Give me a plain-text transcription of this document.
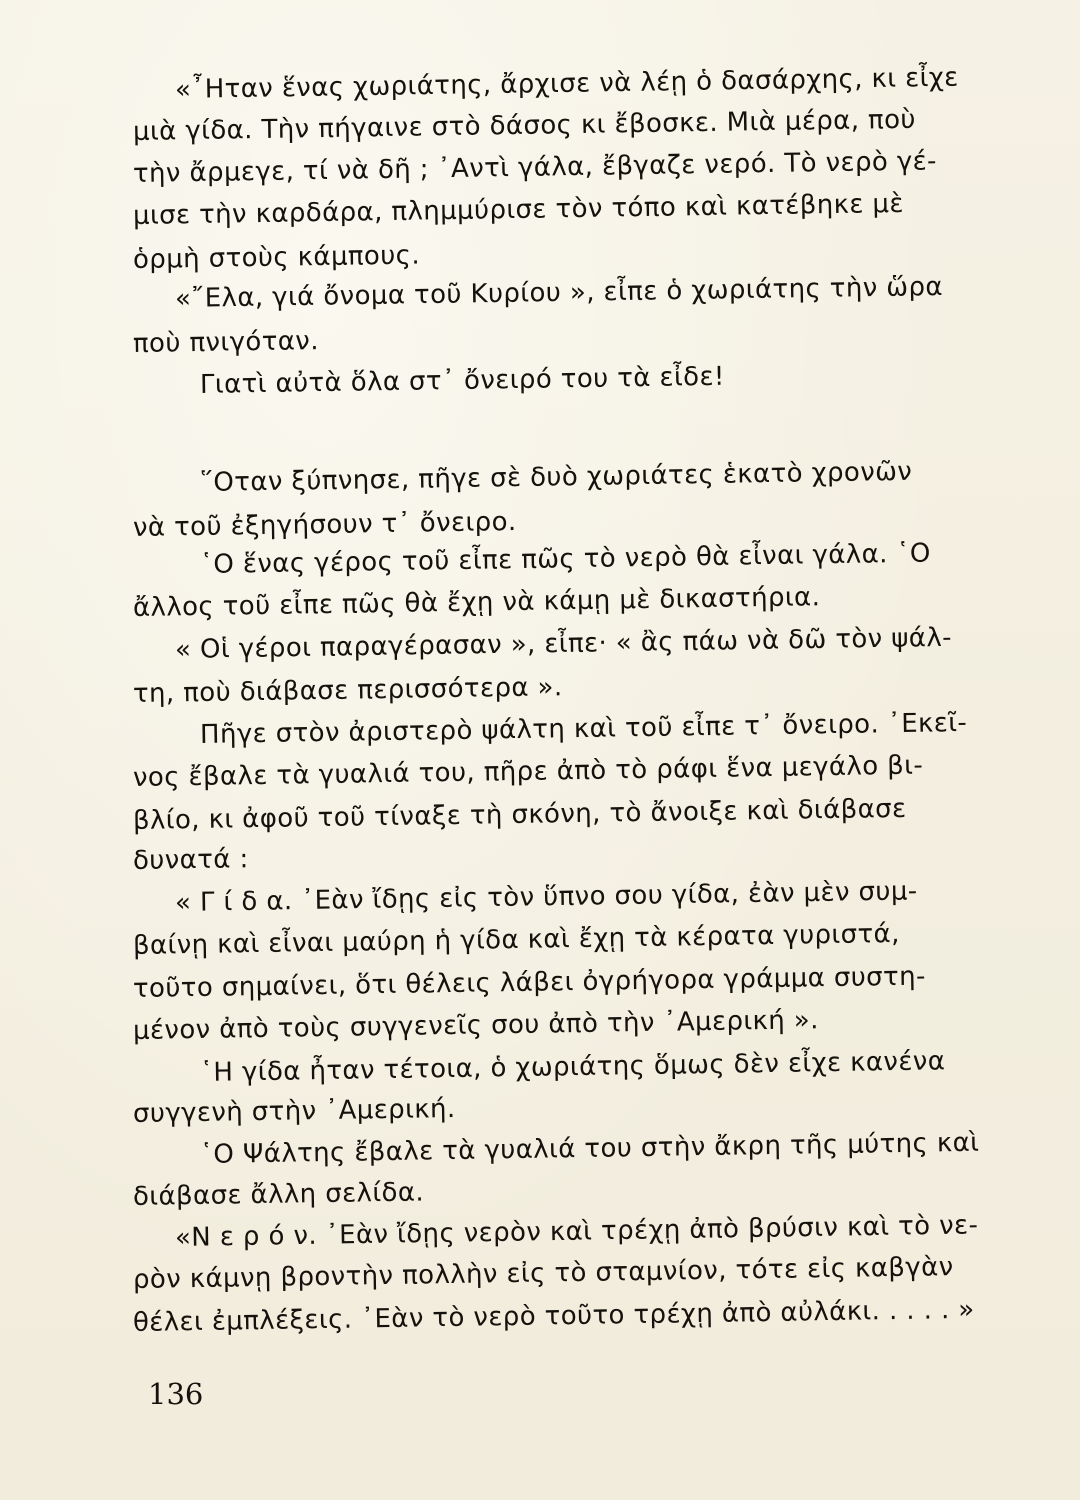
«῏Ηταν ἕνας χωριάτης, ἄρχισε νὰ λέῃ ὁ δασάρχης, κι εἶχε
μιὰ γίδα. Τὴν πήγαινε στὸ δάσος κι ἔβοσκε. Μιὰ μέρα, ποὺ
τὴν ἄρμεγε, τί νὰ δῆ ; ᾿Αντὶ γάλα, ἔβγαζε νερό. Τὸ νερὸ γέ-
μισε τὴν καρδάρα, πλημμύρισε τὸν τόπο καὶ κατέβηκε μὲ
ὁρμὴ στοὺς κάμπους.
«῎Ελα, γιά ὄνομα τοῦ Κυρίου », εἶπε ὁ χωριάτης τὴν ὥρα
ποὺ πνιγόταν.
Γιατὶ αὐτὰ ὅλα στ᾿ ὄνειρό του τὰ εἶδε!
῞Οταν ξύπνησε, πῆγε σὲ δυὸ χωριάτες ἑκατὸ χρονῶν
νὰ τοῦ ἐξηγήσουν τ᾿ ὄνειρο.
῾Ο ἕνας γέρος τοῦ εἶπε πῶς τὸ νερὸ θὰ εἶναι γάλα. ῾Ο
ἄλλος τοῦ εἶπε πῶς θὰ ἔχῃ νὰ κάμῃ μὲ δικαστήρια.
« Οἱ γέροι παραγέρασαν », εἶπε· « ἂς πάω νὰ δῶ τὸν ψάλ-
τη, ποὺ διάβασε περισσότερα ».
Πῆγε στὸν ἀριστερὸ ψάλτη καὶ τοῦ εἶπε τ᾿ ὄνειρο. ᾿Εκεῖ-
νος ἔβαλε τὰ γυαλιά του, πῆρε ἀπὸ τὸ ράφι ἕνα μεγάλο βι-
βλίο, κι ἀφοῦ τοῦ τίναξε τὴ σκόνη, τὸ ἄνοιξε καὶ διάβασε
δυνατά :
« Γ ί δ α. ᾿Εὰν ἴδῃς εἰς τὸν ὕπνο σου γίδα, ἐὰν μὲν συμ-
βαίνῃ καὶ εἶναι μαύρη ἡ γίδα καὶ ἔχῃ τὰ κέρατα γυριστά,
τοῦτο σημαίνει, ὅτι θέλεις λάβει ὀγρήγορα γράμμα συστη-
μένον ἀπὸ τοὺς συγγενεῖς σου ἀπὸ τὴν ᾿Αμερική ».
῾Η γίδα ἦταν τέτοια, ὁ χωριάτης ὅμως δὲν εἶχε κανένα
συγγενὴ στὴν ᾿Αμερική.
῾Ο Ψάλτης ἔβαλε τὰ γυαλιά του στὴν ἄκρη τῆς μύτης καὶ
διάβασε ἄλλη σελίδα.
«Ν ε ρ ό ν. ᾿Εὰν ἴδῃς νερὸν καὶ τρέχῃ ἀπὸ βρύσιν καὶ τὸ νε-
ρὸν κάμνῃ βροντὴν πολλὴν εἰς τὸ σταμνίον, τότε εἰς καβγὰν
θέλει ἐμπλέξεις. ᾿Εὰν τὸ νερὸ τοῦτο τρέχῃ ἀπὸ αὐλάκι. . . . . »
136
